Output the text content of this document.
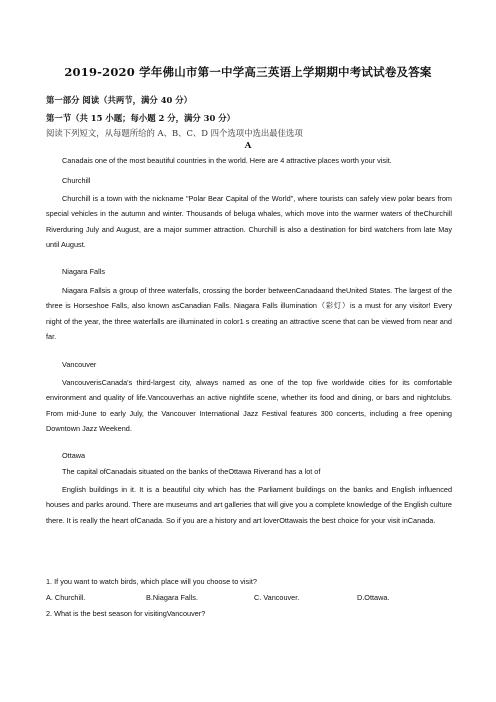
2019-2020 学年佛山市第一中学高三英语上学期期中考试试卷及答案
第一部分 阅读（共两节，满分 40 分）
第一节（共 15 小题；每小题 2 分，满分 30 分）
阅读下列短文，从每题所给的 A、B、C、D 四个选项中选出最佳选项
A

Canadais one of the most beautiful countries in the world. Here are 4 attractive places worth your visit.

Churchill

Churchill is a town with the nickname "Polar Bear Capital of the World", where tourists can safely view polar bears from special vehicles in the autumn and winter. Thousands of beluga whales, which move into the warmer waters of theChurchill Riverduring July and August, are a major summer attraction. Churchill is also a destination for bird watchers from late May until August.

Niagara Falls

Niagara Fallsis a group of three waterfalls, crossing the border betweenCanadaand theUnited States. The largest of the three is Horseshoe Falls, also known asCanadian Falls. Niagara Falls illumination（彩灯）is a must for any visitor! Every night of the year, the three waterfalls are illuminated in color1 s creating an attractive scene that can be viewed from near and far.

Vancouver

VancouverisCanada's third-largest city, always named as one of the top five worldwide cities for its comfortable environment and quality of life.Vancouverhas an active nightlife scene, whether its food and dining, or bars and nightclubs. From mid-June to early July, the Vancouver International Jazz Festival features 300 concerts, including a free opening Downtown Jazz Weekend.

Ottawa
The capital ofCanadais situated on the banks of theOttawa Riverand has a lot of

English buildings in it. It is a beautiful city which has the Parliament buildings on the banks and English influenced houses and parks around. There are museums and art galleries that will give you a complete knowledge of the English culture there. It is really the heart ofCanada. So if you are a history and art loverOttawais the best choice for your visit inCanada.

1. If you want to watch birds, which place will you choose to visit?
A. Churchill.	B.Niagara Falls.	C. Vancouver.	D.Ottawa.
2. What is the best season for visitingVancouver?
